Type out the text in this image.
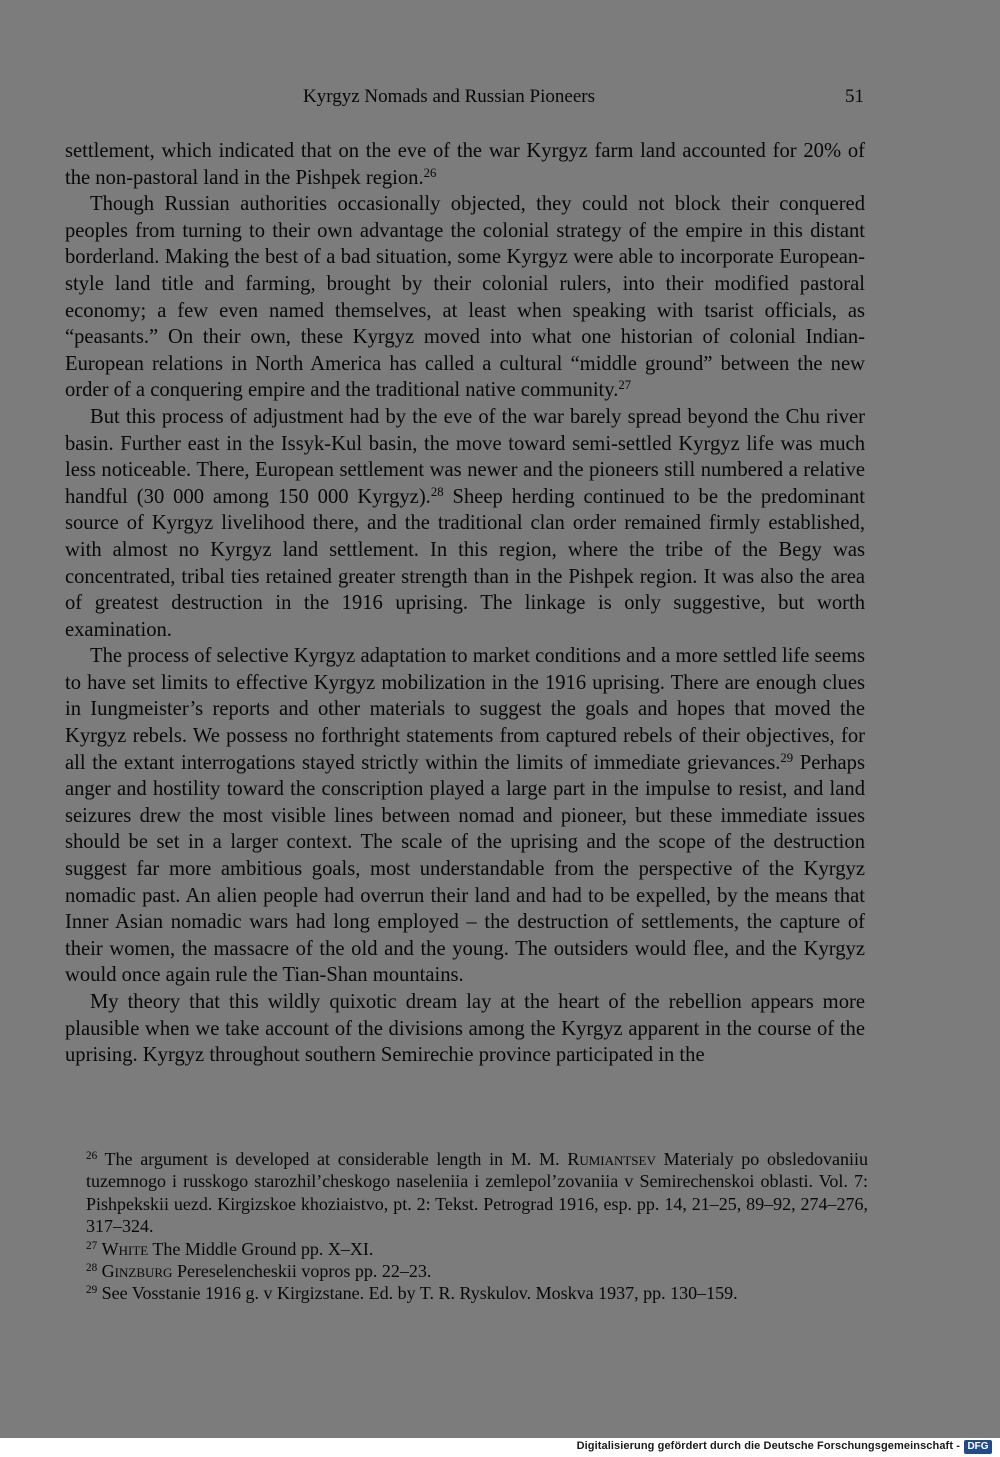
Kyrgyz Nomads and Russian Pioneers	51

settlement, which indicated that on the eve of the war Kyrgyz farm land accounted for 20% of the non-pastoral land in the Pishpek region.$^{26}$

Though Russian authorities occasionally objected, they could not block their conquered peoples from turning to their own advantage the colonial strategy of the empire in this distant borderland. Making the best of a bad situation, some Kyrgyz were able to incorporate European-style land title and farming, brought by their colonial rulers, into their modified pastoral economy; a few even named themselves, at least when speaking with tsarist officials, as “peasants.” On their own, these Kyrgyz moved into what one historian of colonial Indian-European relations in North America has called a cultural “middle ground” between the new order of a conquering empire and the traditional native community.$^{27}$

But this process of adjustment had by the eve of the war barely spread beyond the Chu river basin. Further east in the Issyk-Kul basin, the move toward semi-settled Kyrgyz life was much less noticeable. There, European settlement was newer and the pioneers still numbered a relative handful (30 000 among 150 000 Kyrgyz).$^{28}$ Sheep herding continued to be the predominant source of Kyrgyz livelihood there, and the traditional clan order remained firmly established, with almost no Kyrgyz land settlement. In this region, where the tribe of the Begy was concentrated, tribal ties retained greater strength than in the Pishpek region. It was also the area of greatest destruction in the 1916 uprising. The linkage is only suggestive, but worth examination.

The process of selective Kyrgyz adaptation to market conditions and a more settled life seems to have set limits to effective Kyrgyz mobilization in the 1916 uprising. There are enough clues in Iungmeister’s reports and other materials to suggest the goals and hopes that moved the Kyrgyz rebels. We possess no forthright statements from captured rebels of their objectives, for all the extant interrogations stayed strictly within the limits of immediate grievances.$^{29}$ Perhaps anger and hostility toward the conscription played a large part in the impulse to resist, and land seizures drew the most visible lines between nomad and pioneer, but these immediate issues should be set in a larger context. The scale of the uprising and the scope of the destruction suggest far more ambitious goals, most understandable from the perspective of the Kyrgyz nomadic past. An alien people had overrun their land and had to be expelled, by the means that Inner Asian nomadic wars had long employed – the destruction of settlements, the capture of their women, the massacre of the old and the young. The outsiders would flee, and the Kyrgyz would once again rule the Tian-Shan mountains.

My theory that this wildly quixotic dream lay at the heart of the rebellion appears more plausible when we take account of the divisions among the Kyrgyz apparent in the course of the uprising. Kyrgyz throughout southern Semirechie province participated in the

$^{26}$ The argument is developed at considerable length in M. M. Rumiantsev Materialy po obsledovaniiu tuzemnogo i russkogo starozhil’cheskogo naseleniia i zemlepol’zovaniia v Semirechenskoi oblasti. Vol. 7: Pishpekskii uezd. Kirgizskoe khoziaistvo, pt. 2: Tekst. Petrograd 1916, esp. pp. 14, 21–25, 89–92, 274–276, 317–324.

$^{27}$ White The Middle Ground pp. X–XI.

$^{28}$ Ginzburg Pereselencheskii vopros pp. 22–23.

$^{29}$ See Vosstanie 1916 g. v Kirgizstane. Ed. by T. R. Ryskulov. Moskva 1937, pp. 130–159.

Digitalisierung gefördert durch die Deutsche Forschungsgemeinschaft - DFG
